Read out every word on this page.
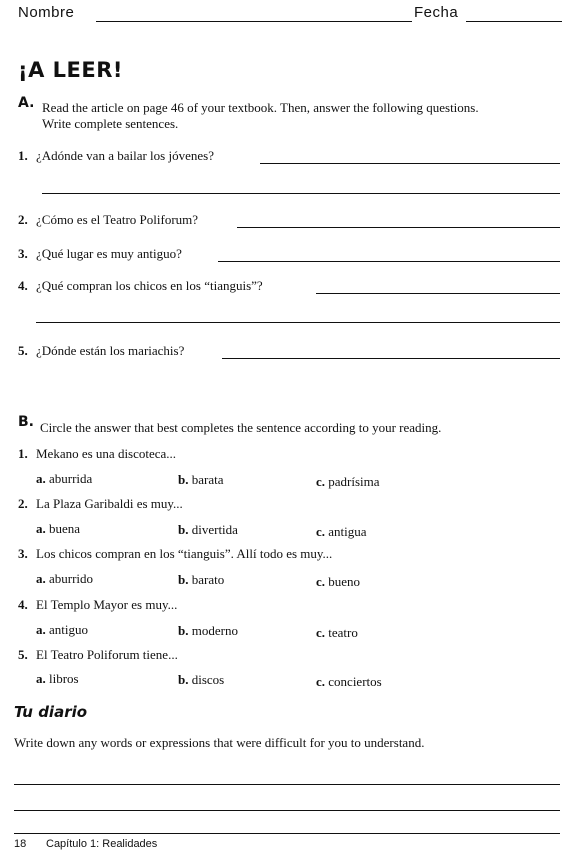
Nombre	Fecha
¡A LEER!
A. Read the article on page 46 of your textbook. Then, answer the following questions.
Write complete sentences.
1. ¿Adónde van a bailar los jóvenes?
2. ¿Cómo es el Teatro Poliforum?
3. ¿Qué lugar es muy antiguo?
4. ¿Qué compran los chicos en los “tianguis”?
5. ¿Dónde están los mariachis?
B. Circle the answer that best completes the sentence according to your reading.
1. Mekano es una discoteca...
a. aburrida	b. barata	c. padrísima
2. La Plaza Garibaldi es muy...
a. buena	b. divertida	c. antigua
3. Los chicos compran en los “tianguis”. Allí todo es muy...
a. aburrido	b. barato	c. bueno
4. El Templo Mayor es muy...
a. antiguo	b. moderno	c. teatro
5. El Teatro Poliforum tiene...
a. libros	b. discos	c. conciertos
Tu diario
Write down any words or expressions that were difficult for you to understand.
18 Capítulo 1: Realidades
